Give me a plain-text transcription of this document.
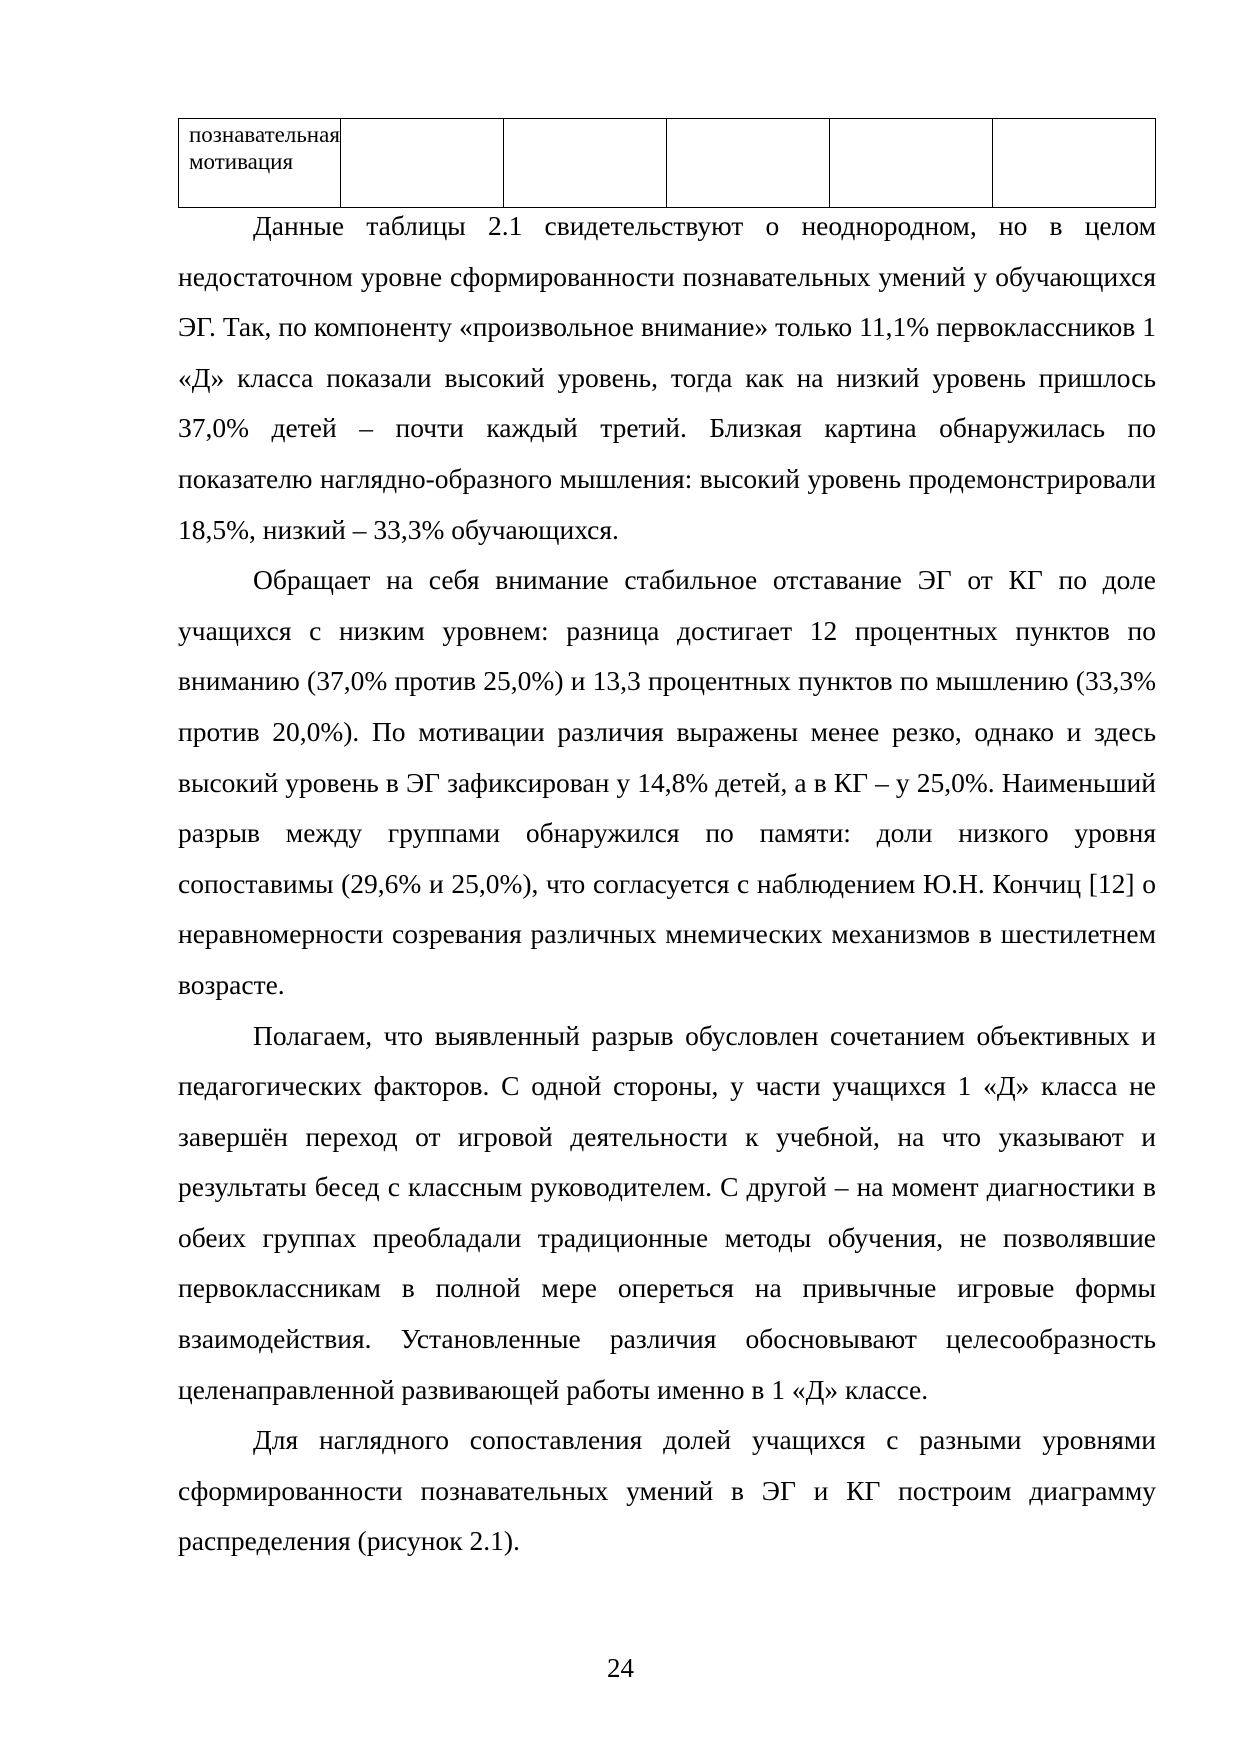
познавательная мотивация					

Данные таблицы 2.1 свидетельствуют о неоднородном, но в целом недостаточном уровне сформированности познавательных умений у обучающихся ЭГ. Так, по компоненту «произвольное внимание» только 11,1% первоклассников 1 «Д» класса показали высокий уровень, тогда как на низкий уровень пришлось 37,0% детей – почти каждый третий. Близкая картина обнаружилась по показателю наглядно-образного мышления: высокий уровень продемонстрировали 18,5%, низкий – 33,3% обучающихся.

Обращает на себя внимание стабильное отставание ЭГ от КГ по доле учащихся с низким уровнем: разница достигает 12 процентных пунктов по вниманию (37,0% против 25,0%) и 13,3 процентных пунктов по мышлению (33,3% против 20,0%). По мотивации различия выражены менее резко, однако и здесь высокий уровень в ЭГ зафиксирован у 14,8% детей, а в КГ – у 25,0%. Наименьший разрыв между группами обнаружился по памяти: доли низкого уровня сопоставимы (29,6% и 25,0%), что согласуется с наблюдением Ю.Н. Кончиц [12] о неравномерности созревания различных мнемических механизмов в шестилетнем возрасте.

Полагаем, что выявленный разрыв обусловлен сочетанием объективных и педагогических факторов. С одной стороны, у части учащихся 1 «Д» класса не завершён переход от игровой деятельности к учебной, на что указывают и результаты бесед с классным руководителем. С другой – на момент диагностики в обеих группах преобладали традиционные методы обучения, не позволявшие первоклассникам в полной мере опереться на привычные игровые формы взаимодействия. Установленные различия обосновывают целесообразность целенаправленной развивающей работы именно в 1 «Д» классе.

Для наглядного сопоставления долей учащихся с разными уровнями сформированности познавательных умений в ЭГ и КГ построим диаграмму распределения (рисунок 2.1).

24
